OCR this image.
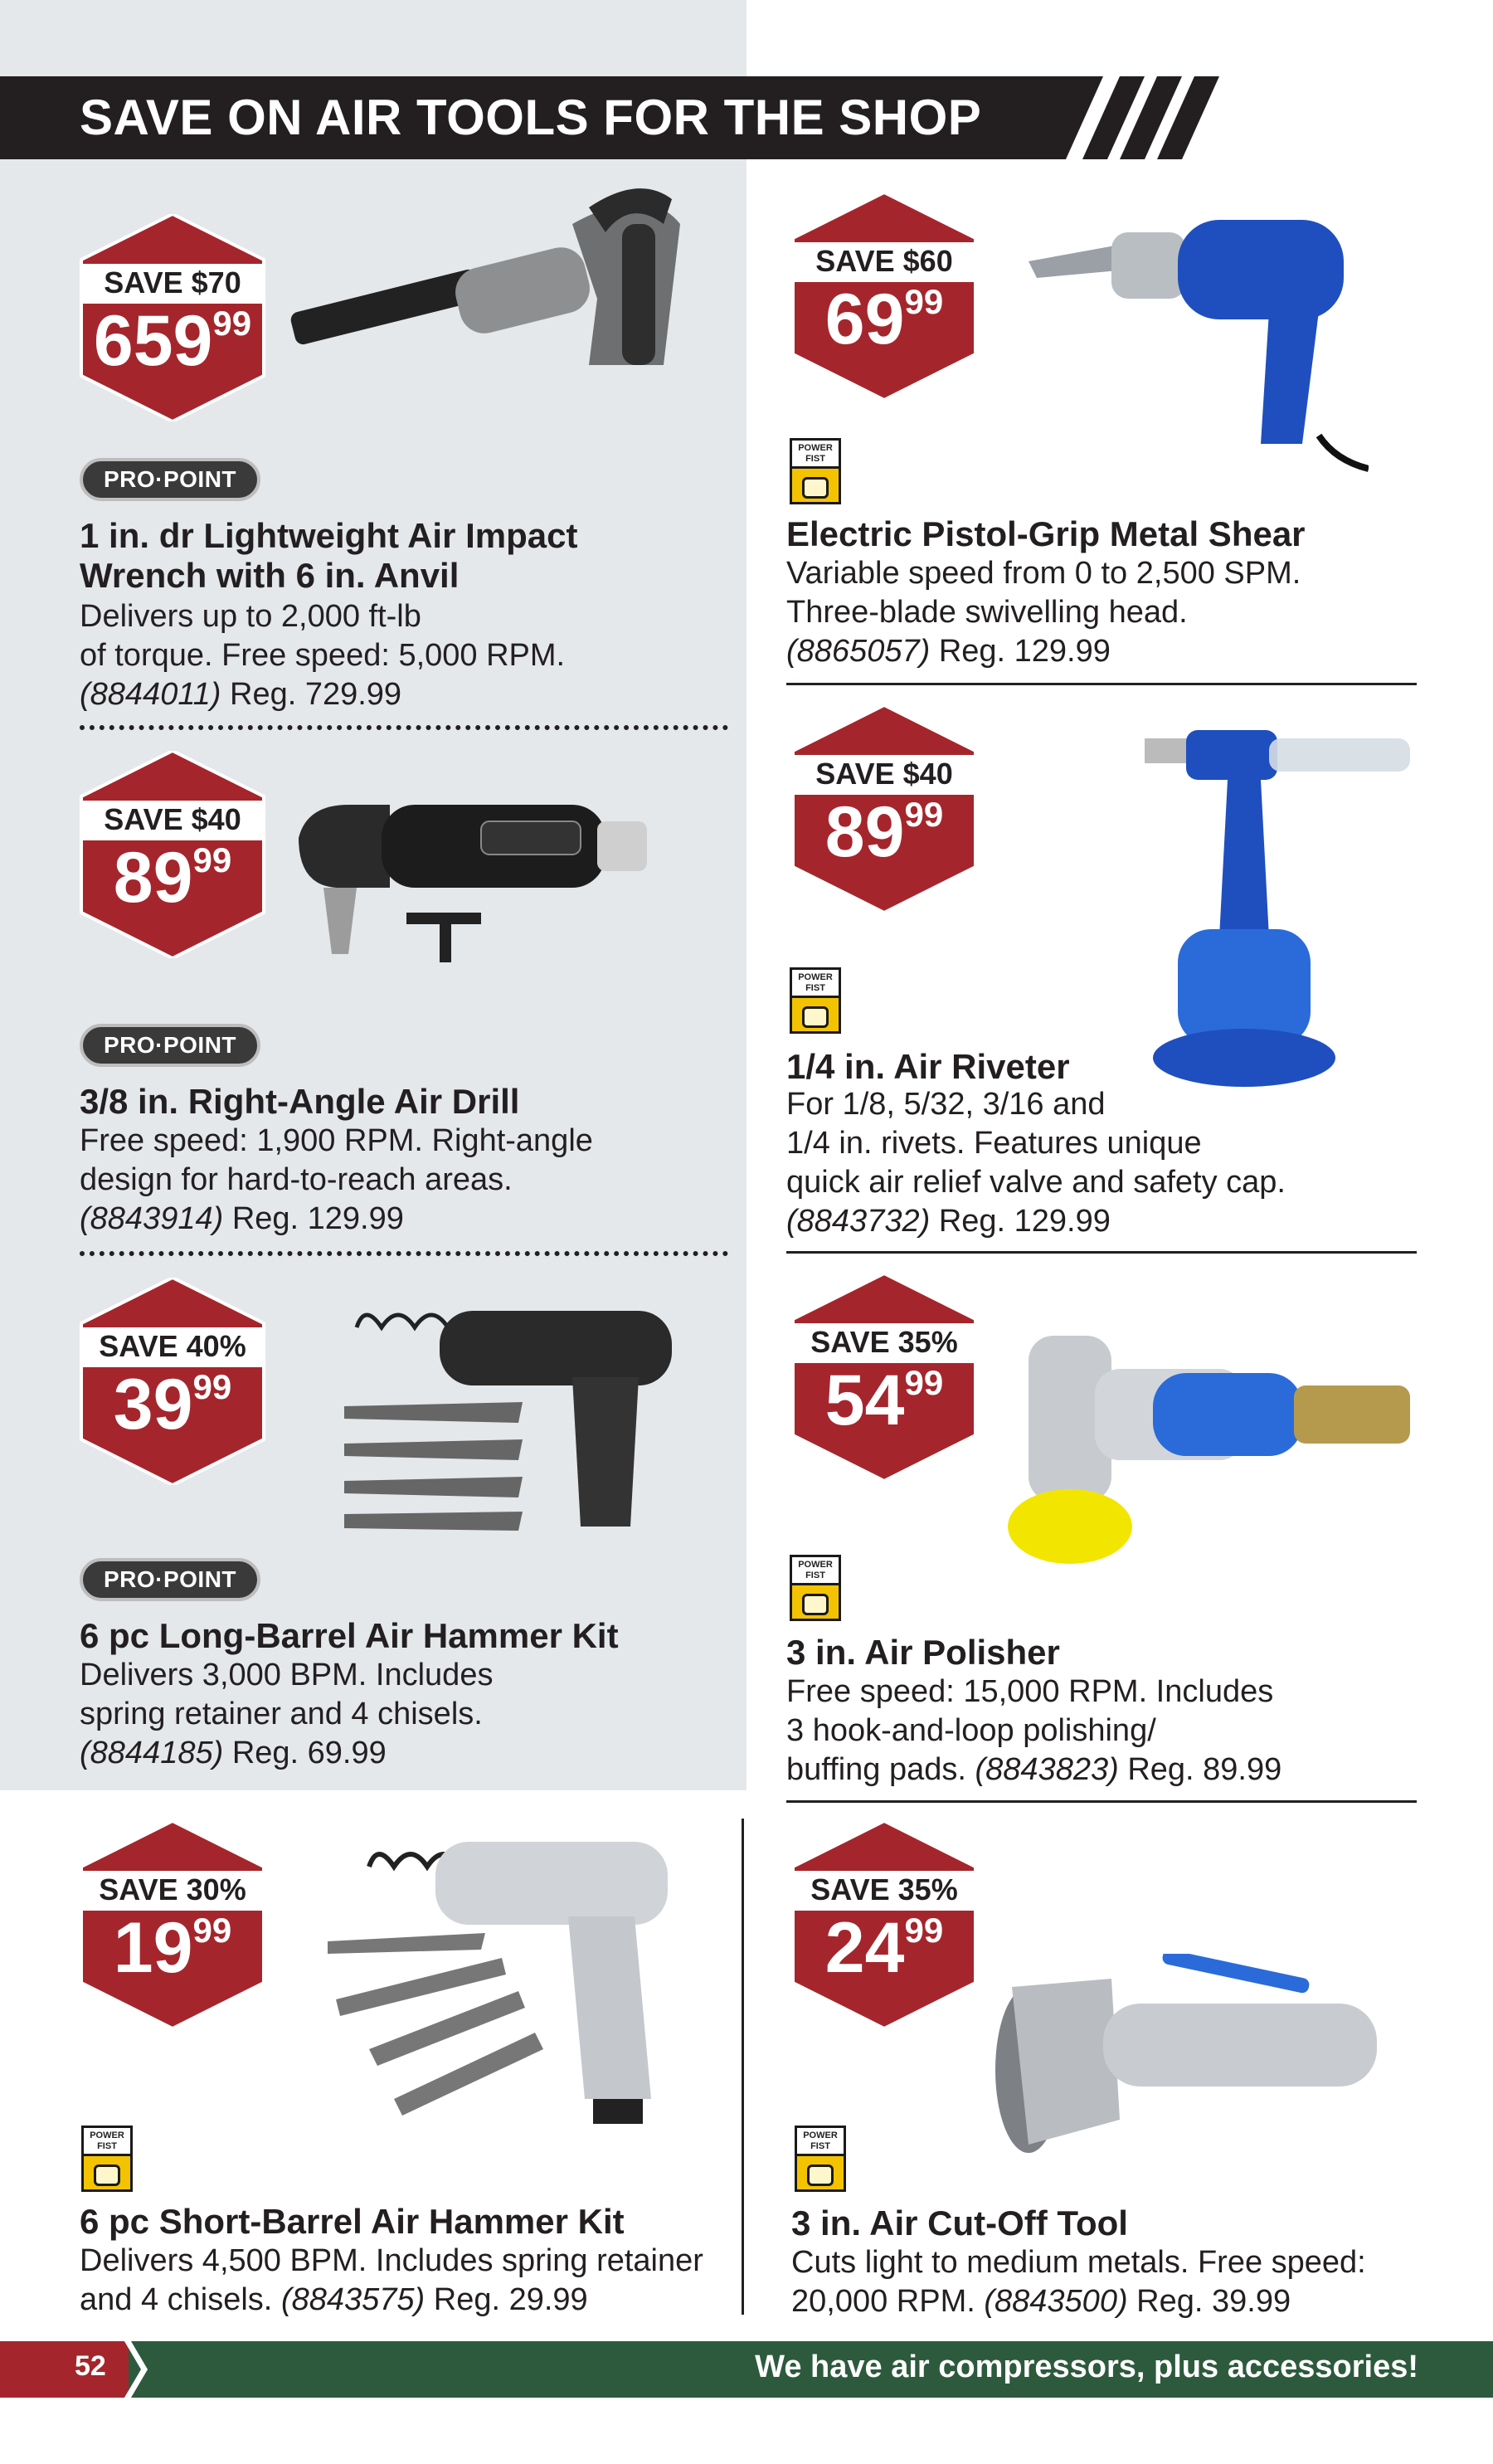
SAVE ON AIR TOOLS FOR THE SHOP
SAVE $70
65999
PRO·POINT
1 in. dr Lightweight Air Impact
Wrench with 6 in. Anvil
Delivers up to 2,000 ft-lb
of torque. Free speed: 5,000 RPM.
(8844011) Reg. 729.99
SAVE $60
6999
POWER FIST
Electric Pistol-Grip Metal Shear
Variable speed from 0 to 2,500 SPM.
Three-blade swivelling head.
(8865057) Reg. 129.99
SAVE $40
8999
PRO·POINT
3/8 in. Right-Angle Air Drill
Free speed: 1,900 RPM. Right-angle
design for hard-to-reach areas.
(8843914) Reg. 129.99
SAVE $40
8999
POWER FIST
1/4 in. Air Riveter
For 1/8, 5/32, 3/16 and
1/4 in. rivets. Features unique
quick air relief valve and safety cap.
(8843732) Reg. 129.99
SAVE 40%
3999
PRO·POINT
6 pc Long-Barrel Air Hammer Kit
Delivers 3,000 BPM. Includes
spring retainer and 4 chisels.
(8844185) Reg. 69.99
SAVE 35%
5499
POWER FIST
3 in. Air Polisher
Free speed: 15,000 RPM. Includes
3 hook-and-loop polishing/
buffing pads. (8843823) Reg. 89.99
SAVE 30%
1999
POWER FIST
6 pc Short-Barrel Air Hammer Kit
Delivers 4,500 BPM. Includes spring retainer
and 4 chisels. (8843575) Reg. 29.99
SAVE 35%
2499
POWER FIST
3 in. Air Cut-Off Tool
Cuts light to medium metals. Free speed:
20,000 RPM. (8843500) Reg. 39.99
52	We have air compressors, plus accessories!
